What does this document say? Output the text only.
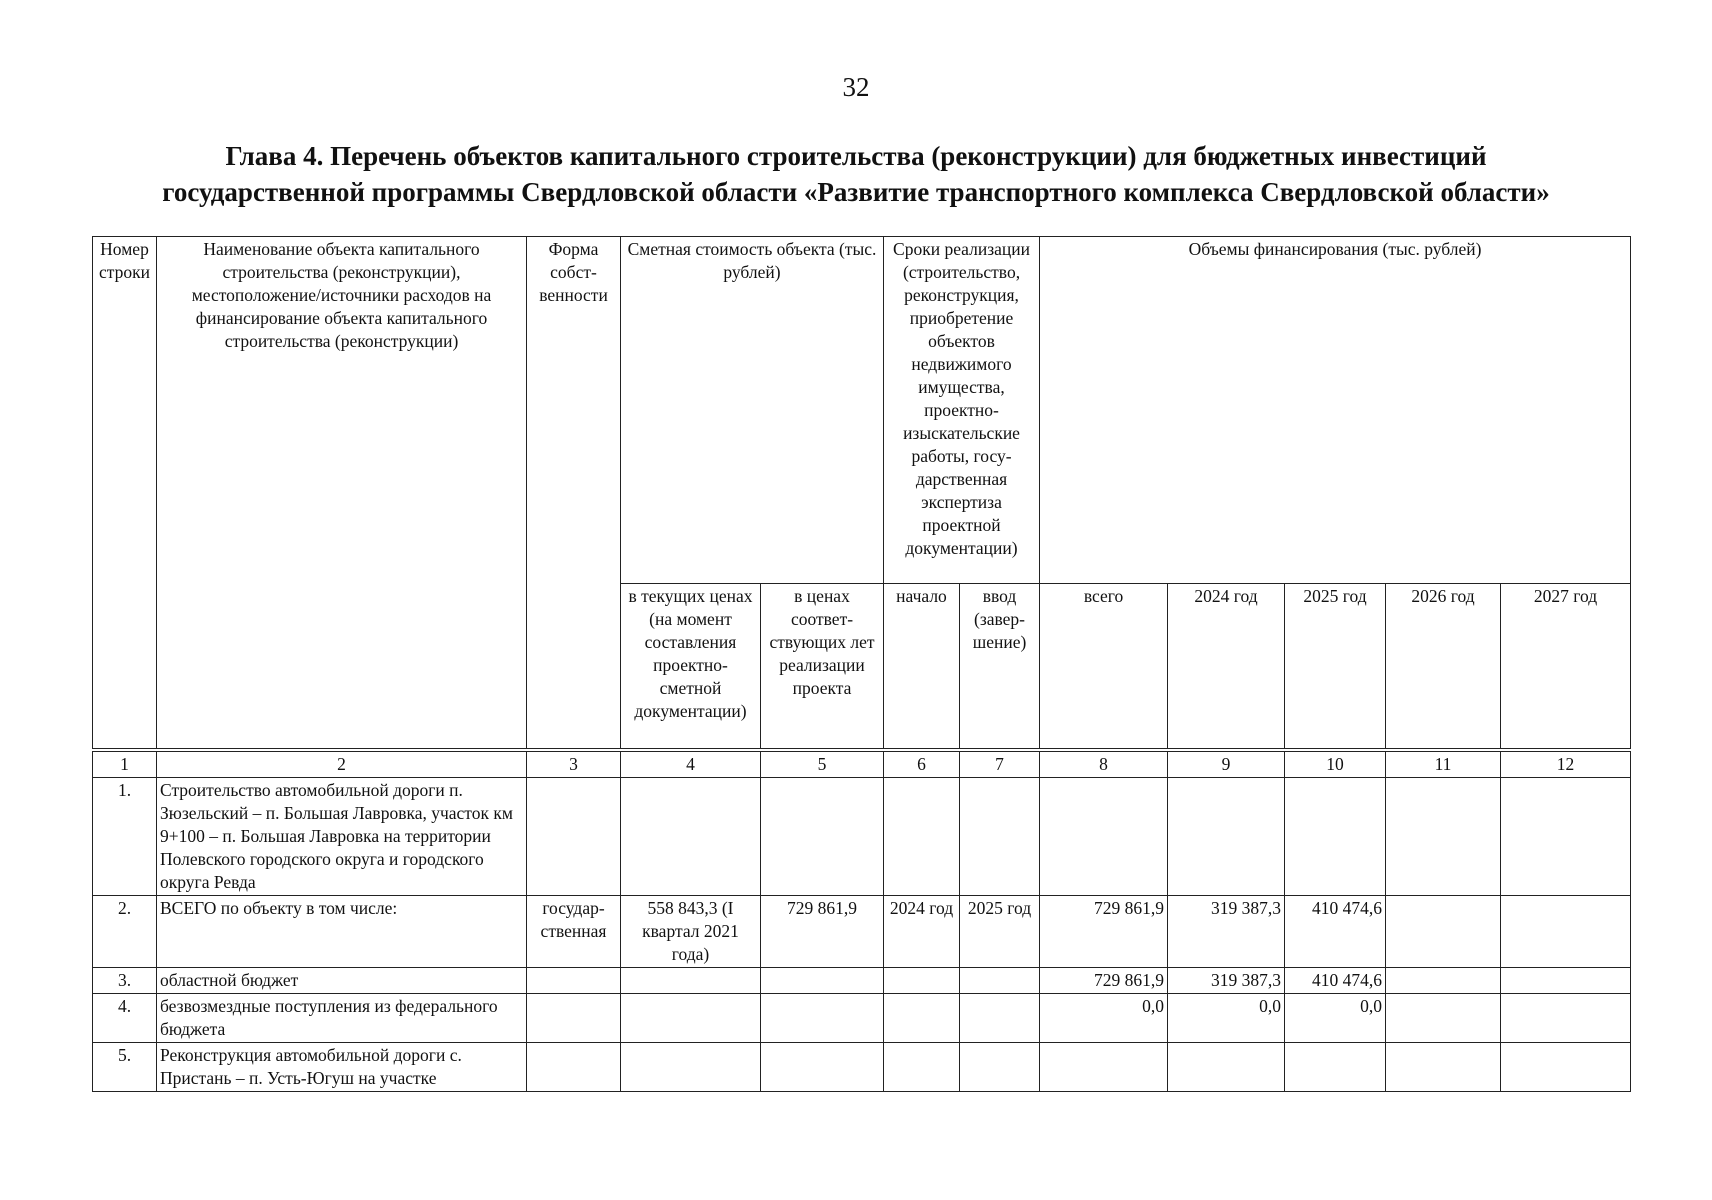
32
Глава 4. Перечень объектов капитального строительства (реконструкции) для бюджетных инвестиций
государственной программы Свердловской области «Развитие транспортного комплекса Свердловской области»
Номер строки	Наименование объекта капитального строительства (реконструкции), местоположение/источники расходов на финансирование объекта капитального строительства (реконструкции)	Форма собст-венности	Сметная стоимость объекта (тыс. рублей)		Сроки реализации (строительство, реконструкция, приобретение объектов недвижимого имущества, проектно-изыскательские работы, госу-дарственная экспертиза проектной документации)		Объемы финансирования (тыс. рублей)				
			в текущих ценах (на момент составления проектно-сметной документации)	в ценах соответ-ствующих лет реализации проекта	начало	ввод (завер-шение)	всего	2024 год	2025 год	2026 год	2027 год
1	2	3	4	5	6	7	8	9	10	11	12
1.	Строительство автомобильной дороги п. Зюзельский – п. Большая Лавровка, участок км 9+100 – п. Большая Лавровка на территории Полевского городского округа и городского округа Ревда										
2.	ВСЕГО по объекту в том числе:	государ-ственная	558 843,3 (I квартал 2021 года)	729 861,9	2024 год	2025 год	729 861,9	319 387,3	410 474,6		
3.	областной бюджет						729 861,9	319 387,3	410 474,6		
4.	безвозмездные поступления из федерального бюджета						0,0	0,0	0,0		
5.	Реконструкция автомобильной дороги с. Пристань – п. Усть-Югуш на участке										
